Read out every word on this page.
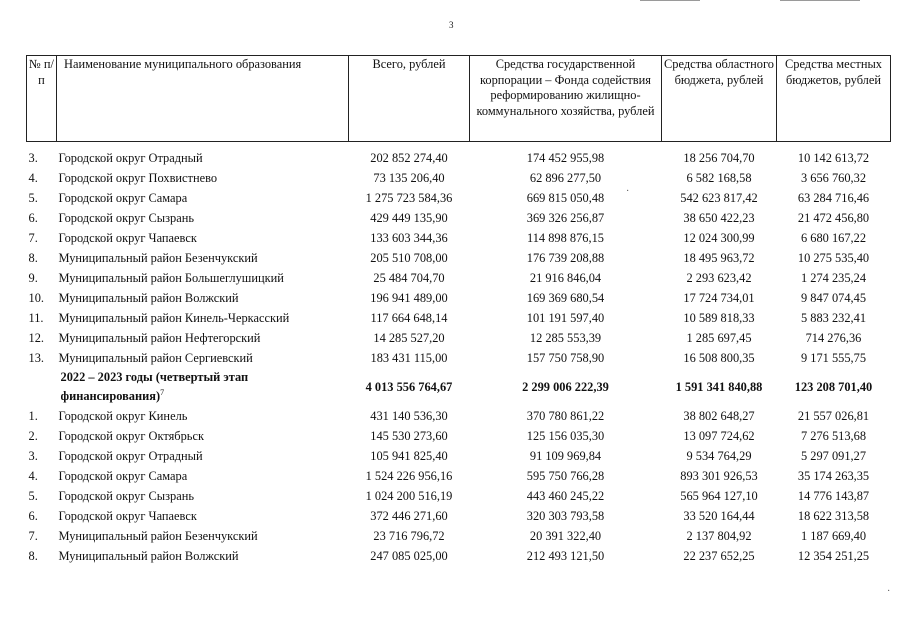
3
№ п/п	Наименование муниципального образования	Всего, рублей	Средства государственной корпорации – Фонда содействия реформированию жилищно-коммунального хозяйства, рублей	Средства областного бюджета, рублей	Средства местных бюджетов, рублей
3.	Городской округ Отрадный	202 852 274,40	174 452 955,98	18 256 704,70	10 142 613,72
4.	Городской округ Похвистнево	73 135 206,40	62 896 277,50	6 582 168,58	3 656 760,32
5.	Городской округ Самара	1 275 723 584,36	669 815 050,48	542 623 817,42	63 284 716,46
6.	Городской округ Сызрань	429 449 135,90	369 326 256,87	38 650 422,23	21 472 456,80
7.	Городской округ Чапаевск	133 603 344,36	114 898 876,15	12 024 300,99	6 680 167,22
8.	Муниципальный район Безенчукский	205 510 708,00	176 739 208,88	18 495 963,72	10 275 535,40
9.	Муниципальный район Большеглушицкий	25 484 704,70	21 916 846,04	2 293 623,42	1 274 235,24
10.	Муниципальный район Волжский	196 941 489,00	169 369 680,54	17 724 734,01	9 847 074,45
11.	Муниципальный район Кинель-Черкасский	117 664 648,14	101 191 597,40	10 589 818,33	5 883 232,41
12.	Муниципальный район Нефтегорский	14 285 527,20	12 285 553,39	1 285 697,45	714 276,36
13.	Муниципальный район Сергиевский	183 431 115,00	157 750 758,90	16 508 800,35	9 171 555,75
	2022 – 2023 годы (четвертый этап финансирования)$^7$	4 013 556 764,67	2 299 006 222,39	1 591 341 840,88	123 208 701,40
1.	Городской округ Кинель	431 140 536,30	370 780 861,22	38 802 648,27	21 557 026,81
2.	Городской округ Октябрьск	145 530 273,60	125 156 035,30	13 097 724,62	7 276 513,68
3.	Городской округ Отрадный	105 941 825,40	91 109 969,84	9 534 764,29	5 297 091,27
4.	Городской округ Самара	1 524 226 956,16	595 750 766,28	893 301 926,53	35 174 263,35
5.	Городской округ Сызрань	1 024 200 516,19	443 460 245,22	565 964 127,10	14 776 143,87
6.	Городской округ Чапаевск	372 446 271,60	320 303 793,58	33 520 164,44	18 622 313,58
7.	Муниципальный район Безенчукский	23 716 796,72	20 391 322,40	2 137 804,92	1 187 669,40
8.	Муниципальный район Волжский	247 085 025,00	212 493 121,50	22 237 652,25	12 354 251,25
·
·
